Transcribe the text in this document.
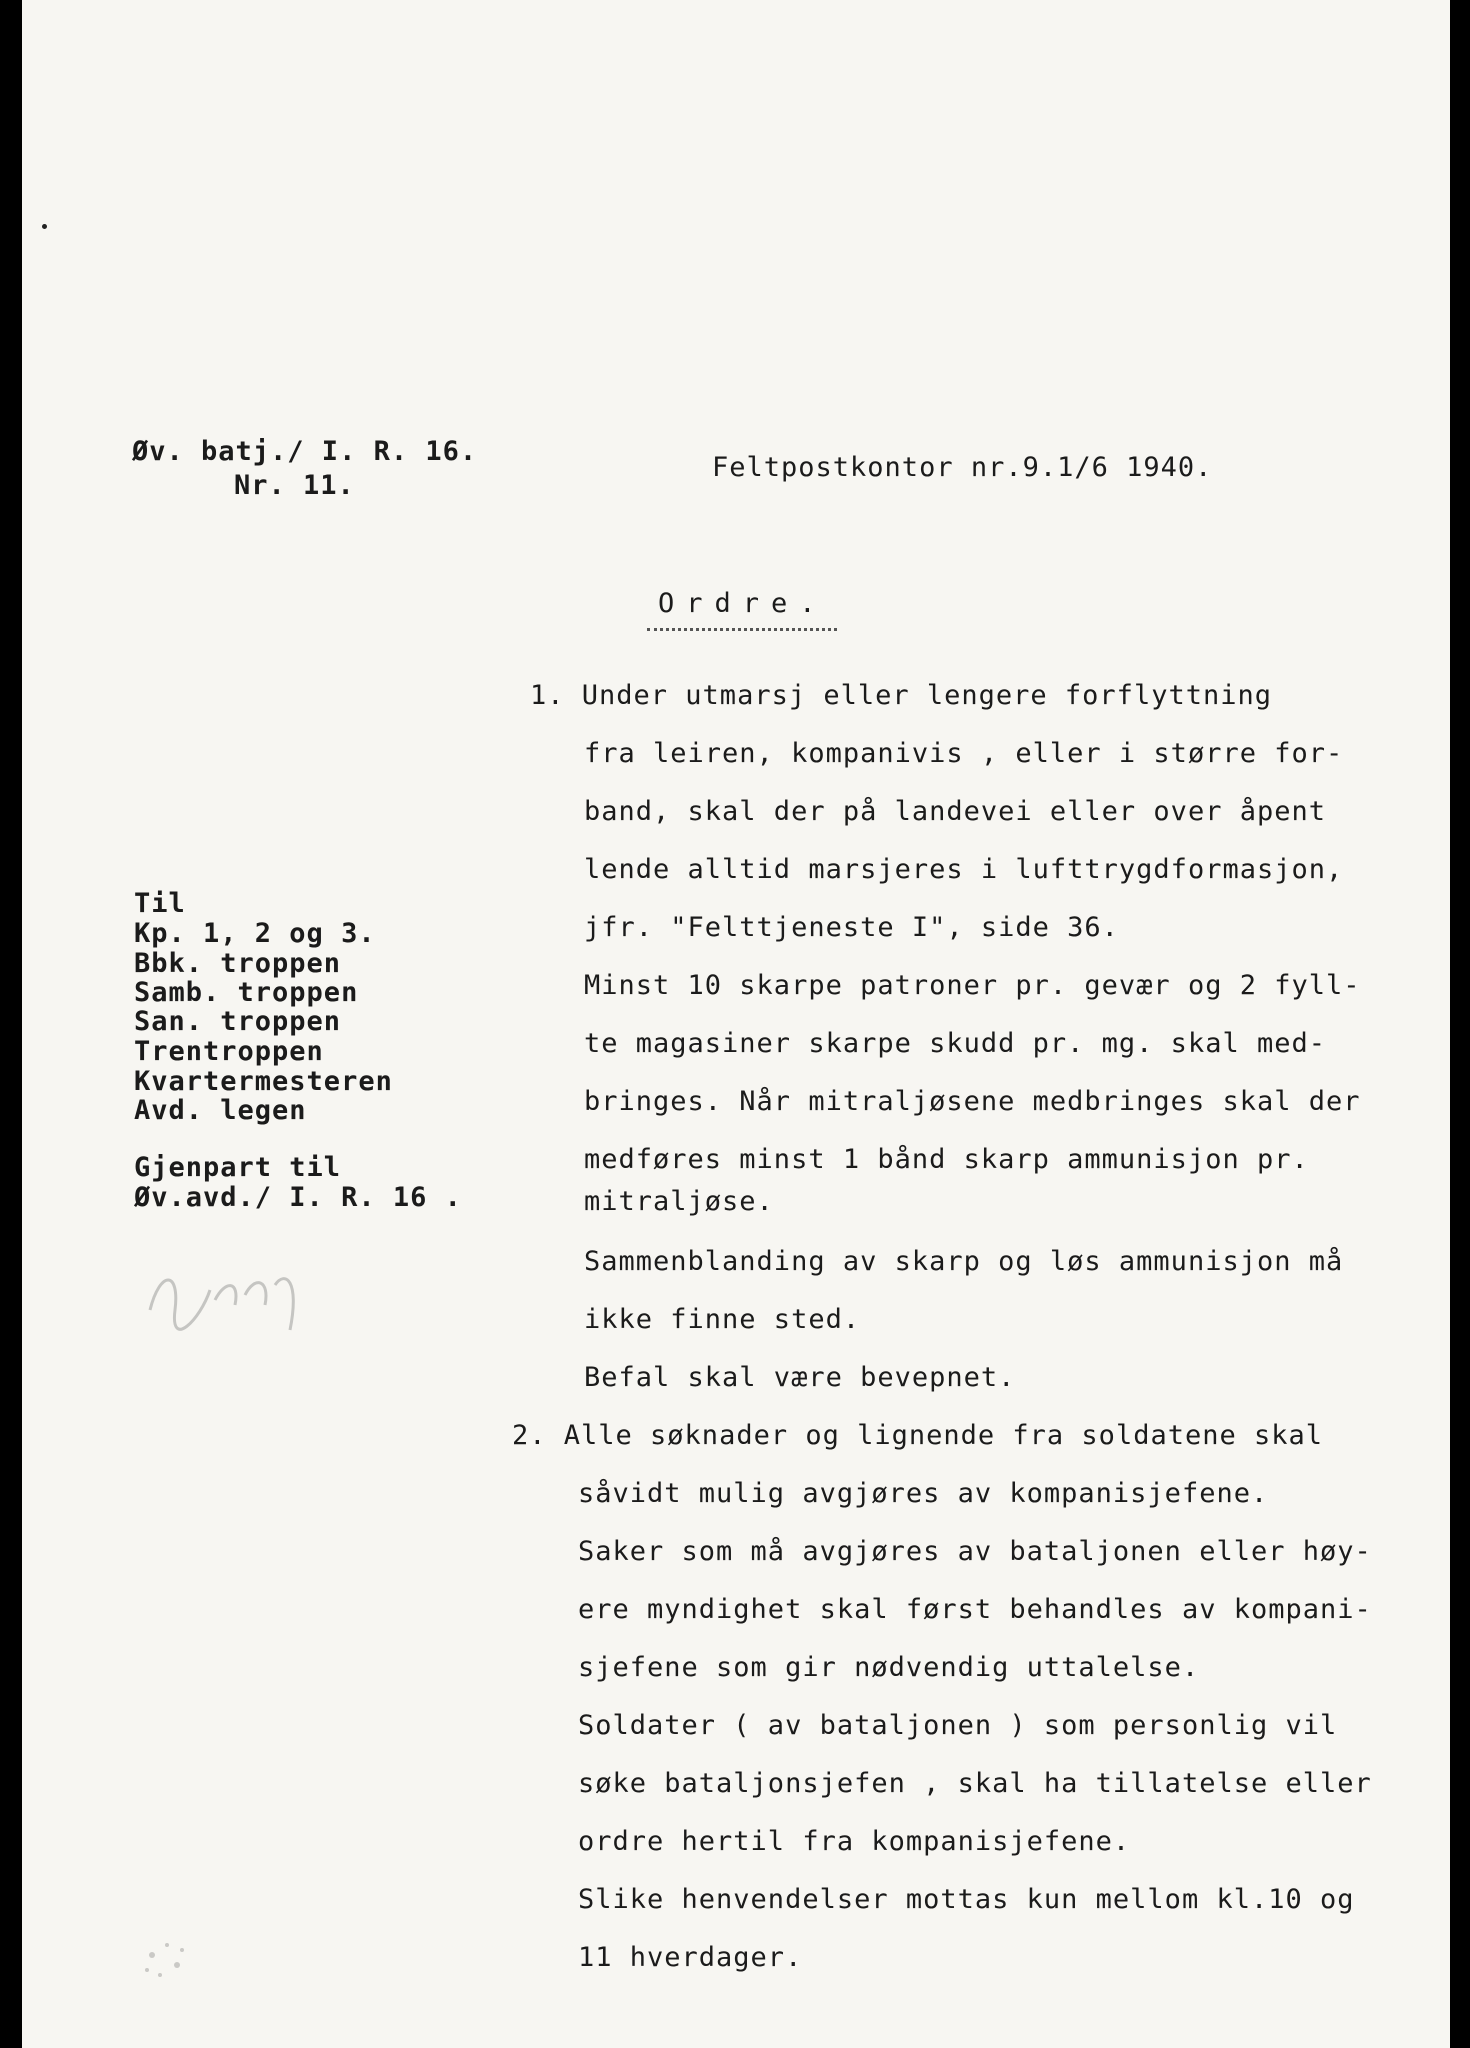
Øv. batj./ I. R. 16.
Nr. 11.
Feltpostkontor nr.9.1/6 1940.
Ordre.
Til
Kp. 1, 2 og 3.
Bbk. troppen
Samb. troppen
San. troppen
Trentroppen
Kvartermesteren
Avd. legen
Gjenpart til
Øv.avd./ I. R. 16 .
1. Under utmarsj eller lengere forflyttning
fra leiren, kompanivis , eller i større for-
band, skal der på landevei eller over åpent
lende alltid marsjeres i lufttrygdformasjon,
jfr. "Felttjeneste I", side 36.
Minst 10 skarpe patroner pr. gevær og 2 fyll-
te magasiner skarpe skudd pr. mg. skal med-
bringes. Når mitraljøsene medbringes skal der
medføres minst 1 bånd skarp ammunisjon pr.
mitraljøse.
Sammenblanding av skarp og løs ammunisjon må
ikke finne sted.
Befal skal være bevepnet.
2. Alle søknader og lignende fra soldatene skal
såvidt mulig avgjøres av kompanisjefene.
Saker som må avgjøres av bataljonen eller høy-
ere myndighet skal først behandles av kompani-
sjefene som gir nødvendig uttalelse.
Soldater ( av bataljonen ) som personlig vil
søke bataljonsjefen , skal ha tillatelse eller
ordre hertil fra kompanisjefene.
Slike henvendelser mottas kun mellom kl.10 og
11 hverdager.
